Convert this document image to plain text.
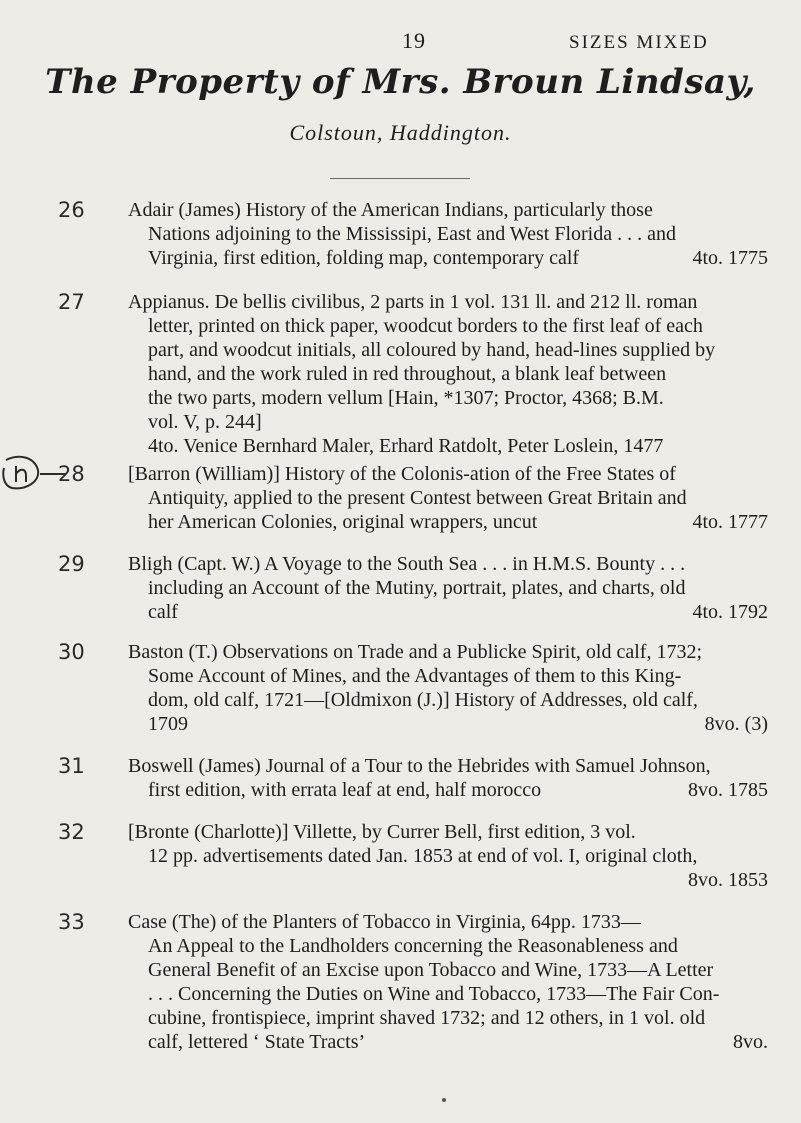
19	SIZES MIXED
The Property of Mrs. Broun Lindsay,
Colstoun, Haddington.
26 Adair (James) History of the American Indians, particularly those

Nations adjoining to the Mississipi, East and West Florida . . . and

Virginia, first edition, folding map, contemporary calf	4to. 1775
27 Appianus. De bellis civilibus, 2 parts in 1 vol. 131 ll. and 212 ll. roman

letter, printed on thick paper, woodcut borders to the first leaf of each

part, and woodcut initials, all coloured by hand, head-lines supplied by

hand, and the work ruled in red throughout, a blank leaf between

the two parts, modern vellum [Hain, *1307; Proctor, 4368; B.M.

vol. V, p. 244]

4to. Venice Bernhard Maler, Erhard Ratdolt, Peter Loslein, 1477

28 [Barron (William)] History of the Colonis-ation of the Free States of

Antiquity, applied to the present Contest between Great Britain and

her American Colonies, original wrappers, uncut	4to. 1777
29 Bligh (Capt. W.) A Voyage to the South Sea . . . in H.M.S. Bounty . . .

including an Account of the Mutiny, portrait, plates, and charts, old

calf	4to. 1792
30 Baston (T.) Observations on Trade and a Publicke Spirit, old calf, 1732;

Some Account of Mines, and the Advantages of them to this King-

dom, old calf, 1721—[Oldmixon (J.)] History of Addresses, old calf,

1709	8vo. (3)
31 Boswell (James) Journal of a Tour to the Hebrides with Samuel Johnson,

first edition, with errata leaf at end, half morocco	8vo. 1785
32 [Bronte (Charlotte)] Villette, by Currer Bell, first edition, 3 vol.

12 pp. advertisements dated Jan. 1853 at end of vol. I, original cloth,

8vo. 1853

33 Case (The) of the Planters of Tobacco in Virginia, 64pp. 1733—

An Appeal to the Landholders concerning the Reasonableness and

General Benefit of an Excise upon Tobacco and Wine, 1733—A Letter

. . . Concerning the Duties on Wine and Tobacco, 1733—The Fair Con-

cubine, frontispiece, imprint shaved 1732; and 12 others, in 1 vol. old

calf, lettered ‘ State Tracts’	8vo.
